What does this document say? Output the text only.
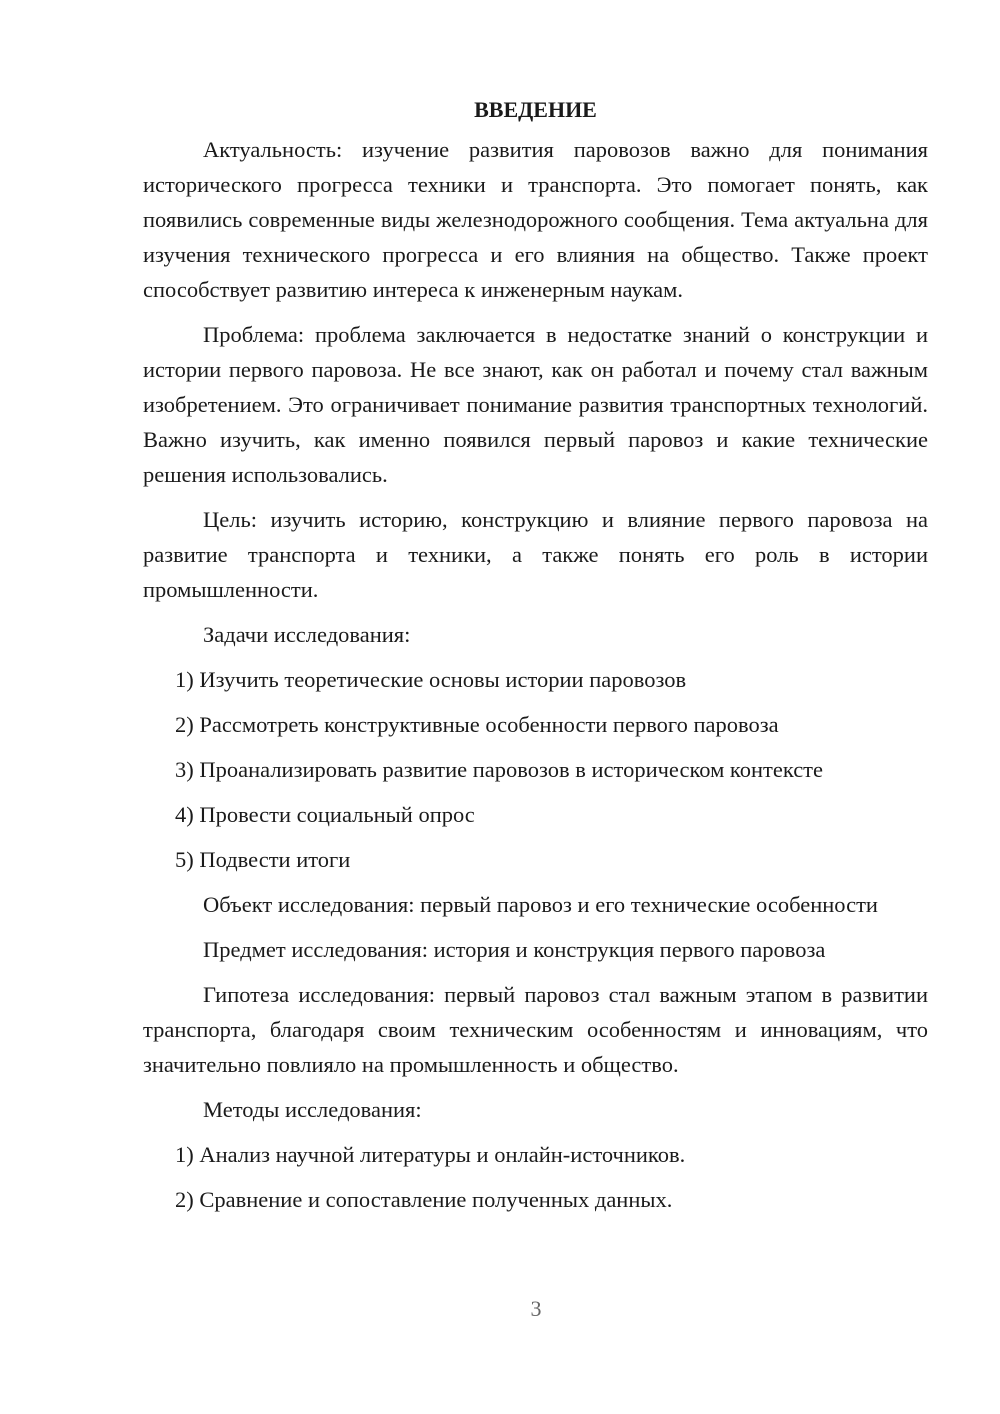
ВВЕДЕНИЕ

Актуальность: изучение развития паровозов важно для понимания исторического прогресса техники и транспорта. Это помогает понять, как появились современные виды железнодорожного сообщения. Тема актуальна для изучения технического прогресса и его влияния на общество. Также проект способствует развитию интереса к инженерным наукам.

Проблема: проблема заключается в недостатке знаний о конструкции и истории первого паровоза. Не все знают, как он работал и почему стал важным изобретением. Это ограничивает понимание развития транспортных технологий. Важно изучить, как именно появился первый паровоз и какие технические решения использовались.

Цель: изучить историю, конструкцию и влияние первого паровоза на развитие транспорта и техники, а также понять его роль в истории промышленности.

Задачи исследования:

1) Изучить теоретические основы истории паровозов

2) Рассмотреть конструктивные особенности первого паровоза

3) Проанализировать развитие паровозов в историческом контексте

4) Провести социальный опрос

5) Подвести итоги

Объект исследования: первый паровоз и его технические особенности

Предмет исследования: история и конструкция первого паровоза

Гипотеза исследования: первый паровоз стал важным этапом в развитии транспорта, благодаря своим техническим особенностям и инновациям, что значительно повлияло на промышленность и общество.

Методы исследования:

1) Анализ научной литературы и онлайн-источников.

2) Сравнение и сопоставление полученных данных.

3
